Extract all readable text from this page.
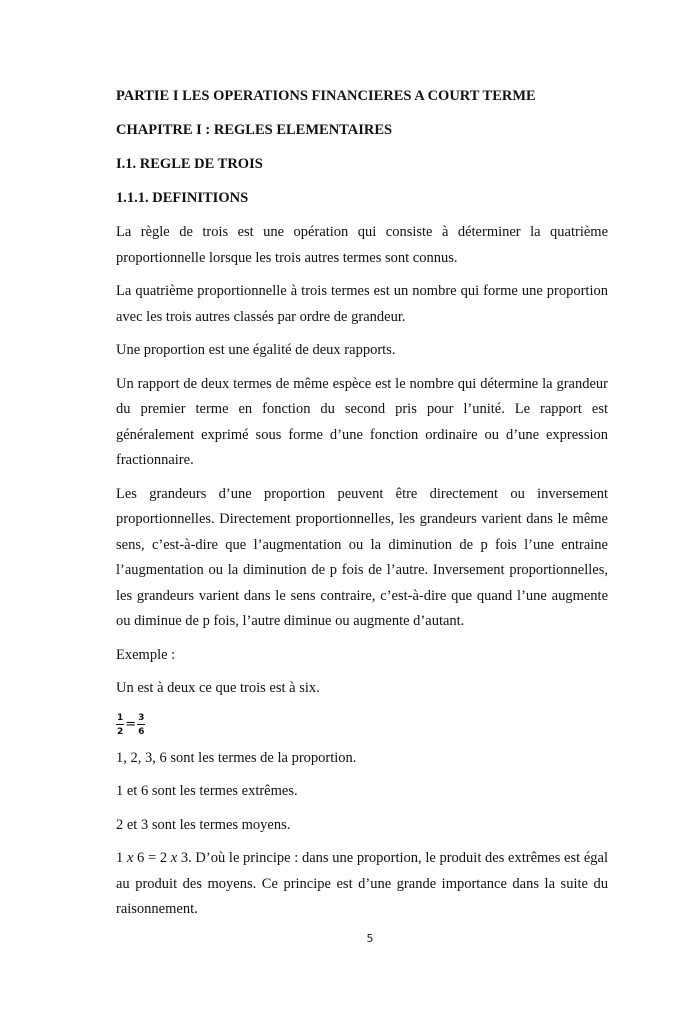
PARTIE I LES OPERATIONS FINANCIERES A COURT TERME
CHAPITRE I : REGLES ELEMENTAIRES
I.1. REGLE DE TROIS
1.1.1. DEFINITIONS

La règle de trois est une opération qui consiste à déterminer la quatrième proportionnelle lorsque les trois autres termes sont connus.

La quatrième proportionnelle à trois termes est un nombre qui forme une proportion avec les trois autres classés par ordre de grandeur.

Une proportion est une égalité de deux rapports.

Un rapport de deux termes de même espèce est le nombre qui détermine la grandeur du premier terme en fonction du second pris pour l’unité. Le rapport est généralement exprimé sous forme d’une fonction ordinaire ou d’une expression fractionnaire.

Les grandeurs d’une proportion peuvent être directement ou inversement proportionnelles. Directement proportionnelles, les grandeurs varient dans le même sens, c’est-à-dire que l’augmentation ou la diminution de p fois l’une entraine l’augmentation ou la diminution de p fois de l’autre. Inversement proportionnelles, les grandeurs varient dans le sens contraire, c’est-à-dire que quand l’une augmente ou diminue de p fois, l’autre diminue ou augmente d’autant.

Exemple :

Un est à deux ce que trois est à six.

$\frac{1}{2} = \frac{3}{6}$

1, 2, 3, 6 sont les termes de la proportion.

1 et 6 sont les termes extrêmes.

2 et 3 sont les termes moyens.

1 x 6 = 2 x 3. D’où le principe : dans une proportion, le produit des extrêmes est égal au produit des moyens. Ce principe est d’une grande importance dans la suite du raisonnement.

5
